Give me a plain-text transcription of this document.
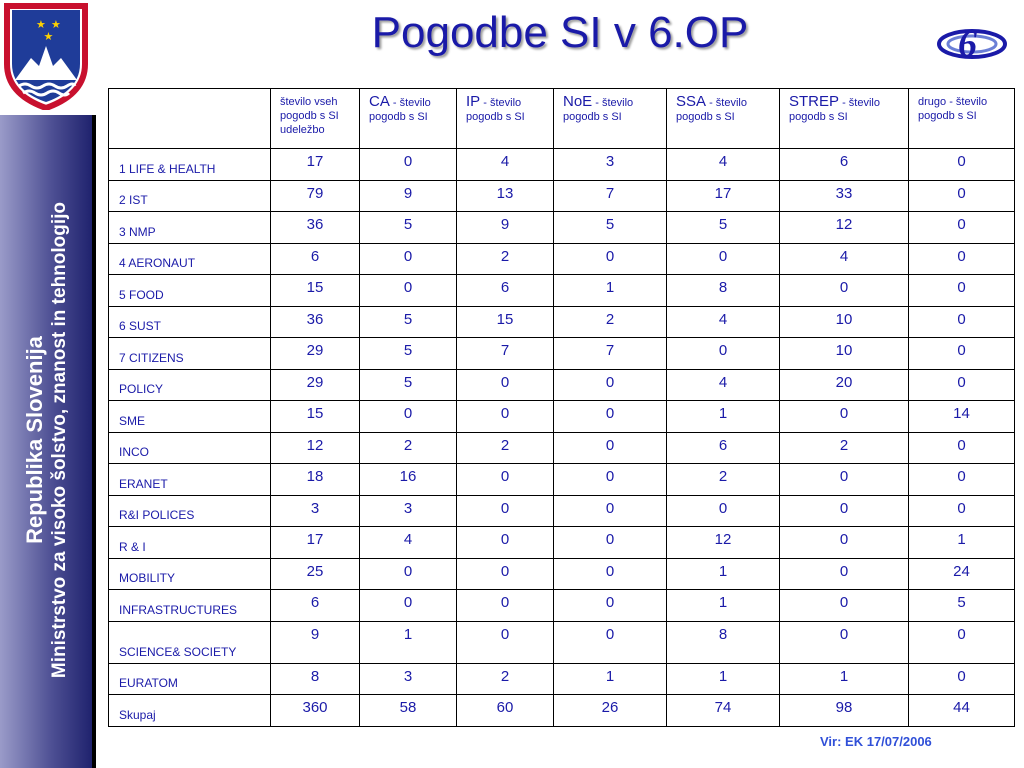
Republika Slovenija Ministrstvo za visoko šolstvo, znanost in tehnologijo
★ ★
★	Pogodbe SI v 6.OP	6
	število vseh pogodb s SI udeležbo	CA - število pogodb s SI	IP - število pogodb s SI	NoE - število pogodb s SI	SSA - število pogodb s SI	STREP - število pogodb s SI	drugo - število pogodb s SI
1 LIFE & HEALTH	17	0	4	3	4	6	0
2 IST	79	9	13	7	17	33	0
3 NMP	36	5	9	5	5	12	0
4 AERONAUT	6	0	2	0	0	4	0
5 FOOD	15	0	6	1	8	0	0
6 SUST	36	5	15	2	4	10	0
7 CITIZENS	29	5	7	7	0	10	0
POLICY	29	5	0	0	4	20	0
SME	15	0	0	0	1	0	14
INCO	12	2	2	0	6	2	0
ERANET	18	16	0	0	2	0	0
R&I POLICES	3	3	0	0	0	0	0
R & I	17	4	0	0	12	0	1
MOBILITY	25	0	0	0	1	0	24
INFRASTRUCTURES	6	0	0	0	1	0	5
SCIENCE& SOCIETY	9	1	0	0	8	0	0
EURATOM	8	3	2	1	1	1	0
Skupaj	360	58	60	26	74	98	44
Vir: EK 17/07/2006
